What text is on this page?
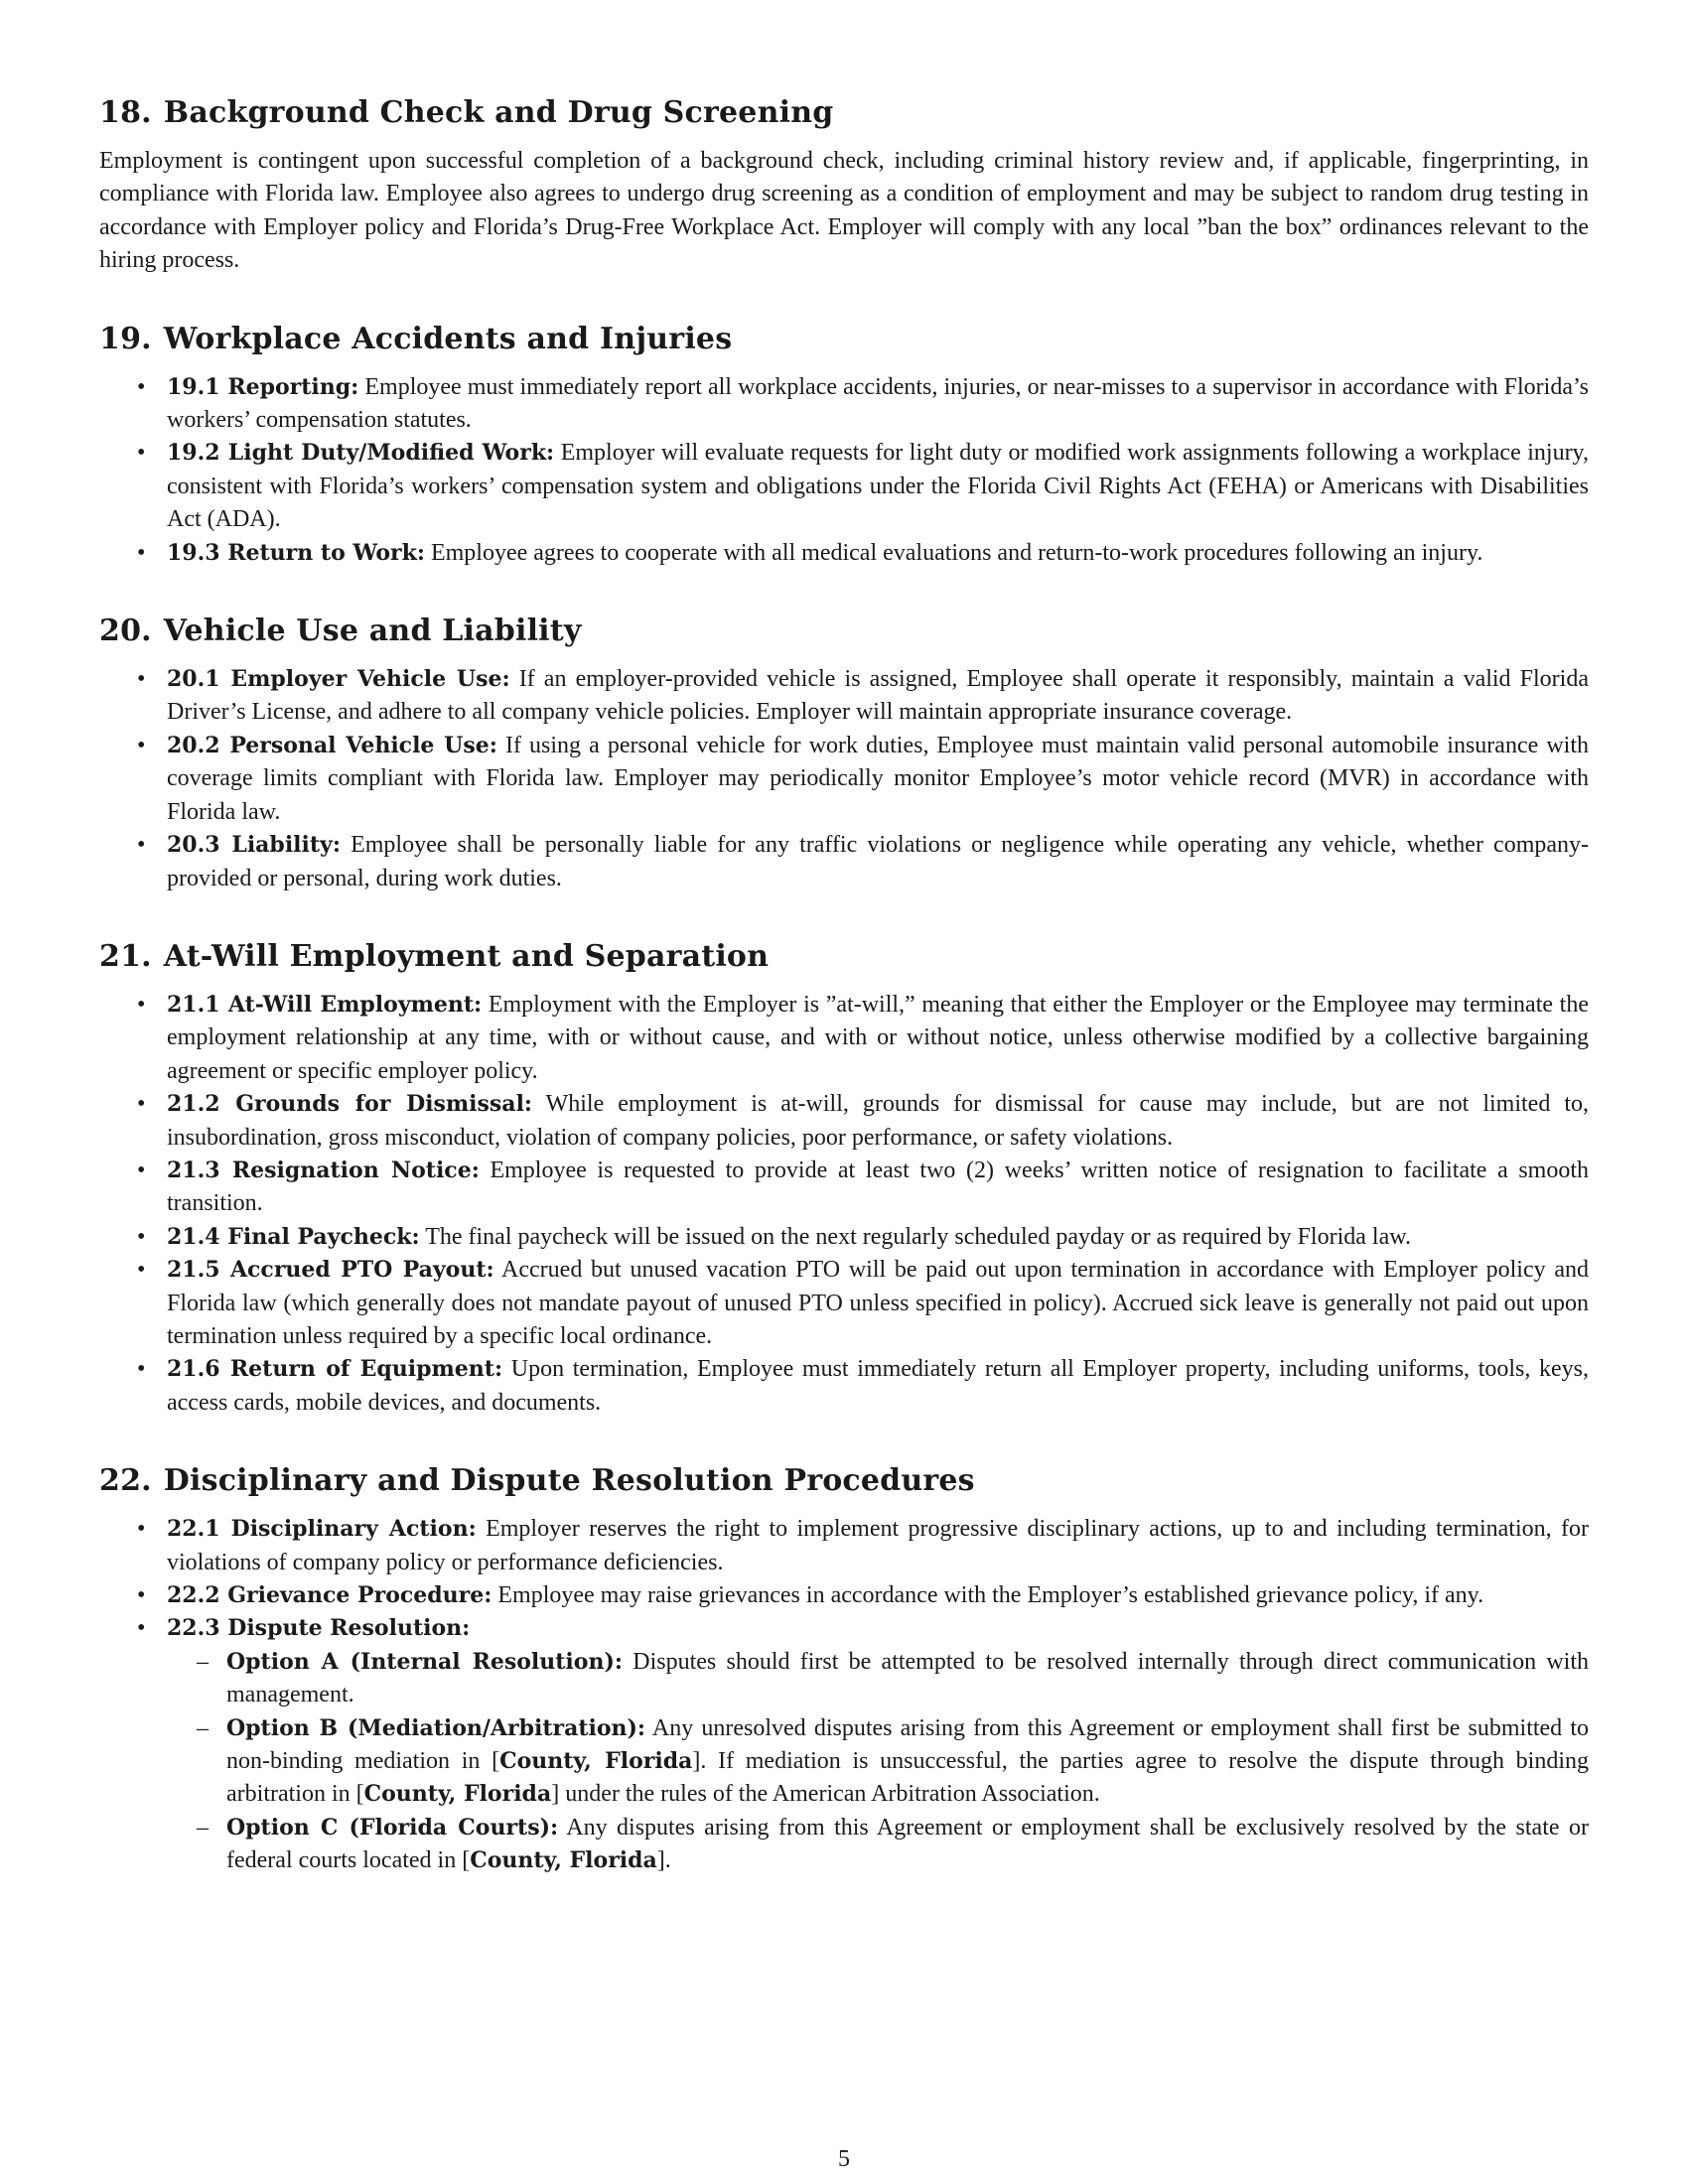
18. Background Check and Drug Screening

Employment is contingent upon successful completion of a background check, including criminal history review and, if applicable, fingerprinting, in compliance with Florida law. Employee also agrees to undergo drug screening as a condition of employment and may be subject to random drug testing in accordance with Employer policy and Florida’s Drug-Free Workplace Act. Employer will comply with any local ”ban the box” ordinances relevant to the hiring process.

19. Workplace Accidents and Injuries
• 19.1 Reporting: Employee must immediately report all workplace accidents, injuries, or near-misses to a supervisor in accordance with Florida’s workers’ compensation statutes.
• 19.2 Light Duty/Modified Work: Employer will evaluate requests for light duty or modified work assignments following a workplace injury, consistent with Florida’s workers’ compensation system and obligations under the Florida Civil Rights Act (FEHA) or Americans with Disabilities Act (ADA).
• 19.3 Return to Work: Employee agrees to cooperate with all medical evaluations and return-to-work procedures following an injury.
20. Vehicle Use and Liability
• 20.1 Employer Vehicle Use: If an employer-provided vehicle is assigned, Employee shall operate it responsibly, maintain a valid Florida Driver’s License, and adhere to all company vehicle policies. Employer will maintain appropriate insurance coverage.
• 20.2 Personal Vehicle Use: If using a personal vehicle for work duties, Employee must maintain valid personal automobile insurance with coverage limits compliant with Florida law. Employer may periodically monitor Employee’s motor vehicle record (MVR) in accordance with Florida law.
• 20.3 Liability: Employee shall be personally liable for any traffic violations or negligence while operating any vehicle, whether company-provided or personal, during work duties.
21. At-Will Employment and Separation
• 21.1 At-Will Employment: Employment with the Employer is ”at-will,” meaning that either the Employer or the Employee may terminate the employment relationship at any time, with or without cause, and with or without notice, unless otherwise modified by a collective bargaining agreement or specific employer policy.
• 21.2 Grounds for Dismissal: While employment is at-will, grounds for dismissal for cause may include, but are not limited to, insubordination, gross misconduct, violation of company policies, poor performance, or safety violations.
• 21.3 Resignation Notice: Employee is requested to provide at least two (2) weeks’ written notice of resignation to facilitate a smooth transition.
• 21.4 Final Paycheck: The final paycheck will be issued on the next regularly scheduled payday or as required by Florida law.
• 21.5 Accrued PTO Payout: Accrued but unused vacation PTO will be paid out upon termination in accordance with Employer policy and Florida law (which generally does not mandate payout of unused PTO unless specified in policy). Accrued sick leave is generally not paid out upon termination unless required by a specific local ordinance.
• 21.6 Return of Equipment: Upon termination, Employee must immediately return all Employer property, including uniforms, tools, keys, access cards, mobile devices, and documents.
22. Disciplinary and Dispute Resolution Procedures
• 22.1 Disciplinary Action: Employer reserves the right to implement progressive disciplinary actions, up to and including termination, for violations of company policy or performance deficiencies.
• 22.2 Grievance Procedure: Employee may raise grievances in accordance with the Employer’s established grievance policy, if any.
• 22.3 Dispute Resolution:
– Option A (Internal Resolution): Disputes should first be attempted to be resolved internally through direct communication with management.
– Option B (Mediation/Arbitration): Any unresolved disputes arising from this Agreement or employment shall first be submitted to non-binding mediation in [County, Florida]. If mediation is unsuccessful, the parties agree to resolve the dispute through binding arbitration in [County, Florida] under the rules of the American Arbitration Association.
– Option C (Florida Courts): Any disputes arising from this Agreement or employment shall be exclusively resolved by the state or federal courts located in [County, Florida].
5
